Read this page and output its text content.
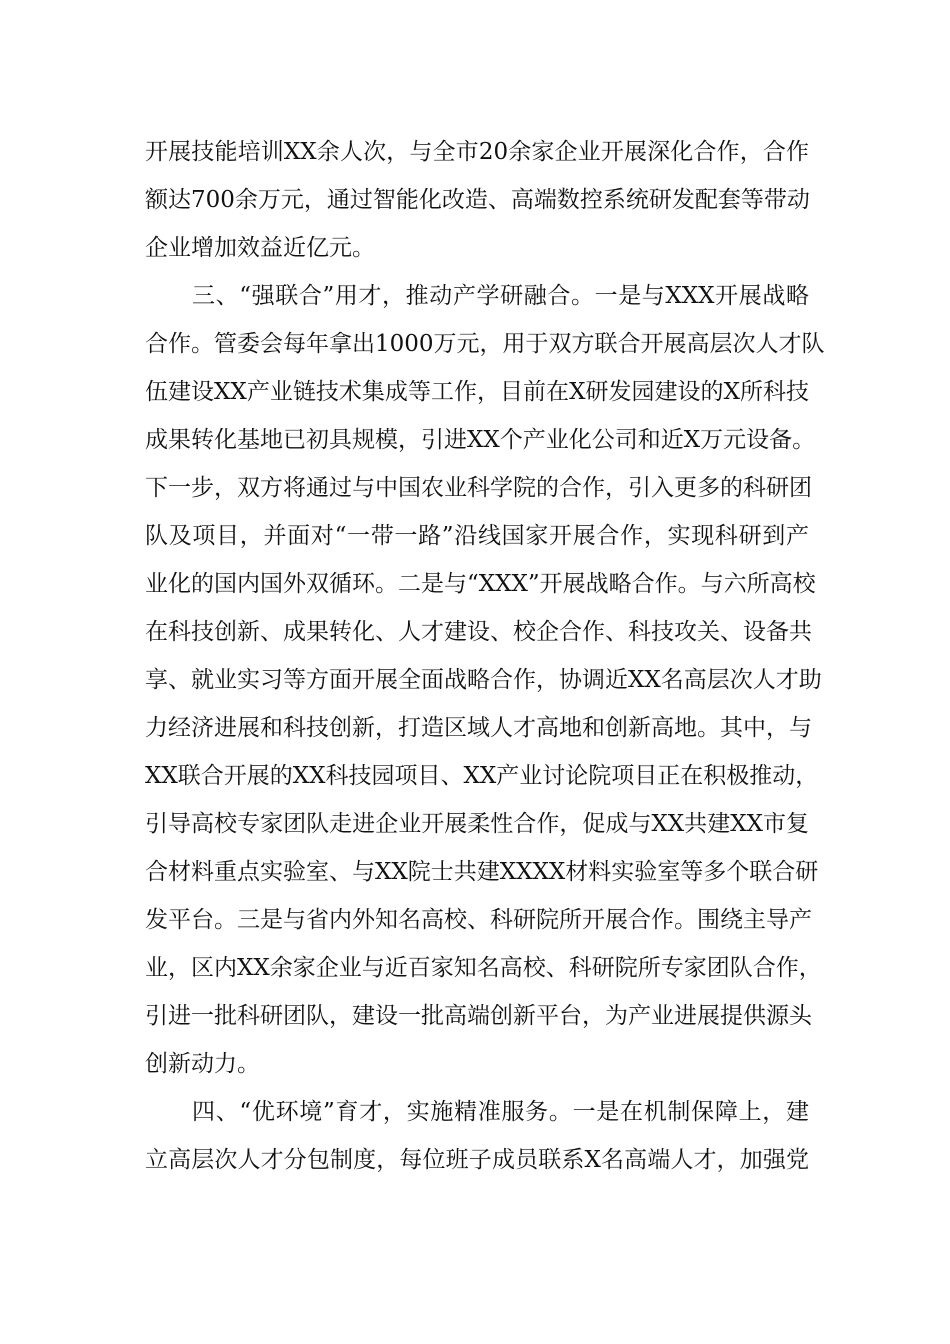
开展技能培训XX余人次，与全市20余家企业开展深化合作，合作
额达700余万元，通过智能化改造、高端数控系统研发配套等带动
企业增加效益近亿元。
三、“强联合”用才，推动产学研融合。一是与XXX开展战略
合作。管委会每年拿出1000万元，用于双方联合开展高层次人才队
伍建设XX产业链技术集成等工作，目前在X研发园建设的X所科技
成果转化基地已初具规模，引进XX个产业化公司和近X万元设备。
下一步，双方将通过与中国农业科学院的合作，引入更多的科研团
队及项目，并面对“一带一路”沿线国家开展合作，实现科研到产
业化的国内国外双循环。二是与“XXX”开展战略合作。与六所高校
在科技创新、成果转化、人才建设、校企合作、科技攻关、设备共
享、就业实习等方面开展全面战略合作，协调近XX名高层次人才助
力经济进展和科技创新，打造区域人才高地和创新高地。其中，与
XX联合开展的XX科技园项目、XX产业讨论院项目正在积极推动，
引导高校专家团队走进企业开展柔性合作，促成与XX共建XX市复
合材料重点实验室、与XX院士共建XXXX材料实验室等多个联合研
发平台。三是与省内外知名高校、科研院所开展合作。围绕主导产
业，区内XX余家企业与近百家知名高校、科研院所专家团队合作，
引进一批科研团队，建设一批高端创新平台，为产业进展提供源头
创新动力。
四、“优环境”育才，实施精准服务。一是在机制保障上，建
立高层次人才分包制度，每位班子成员联系X名高端人才，加强党
